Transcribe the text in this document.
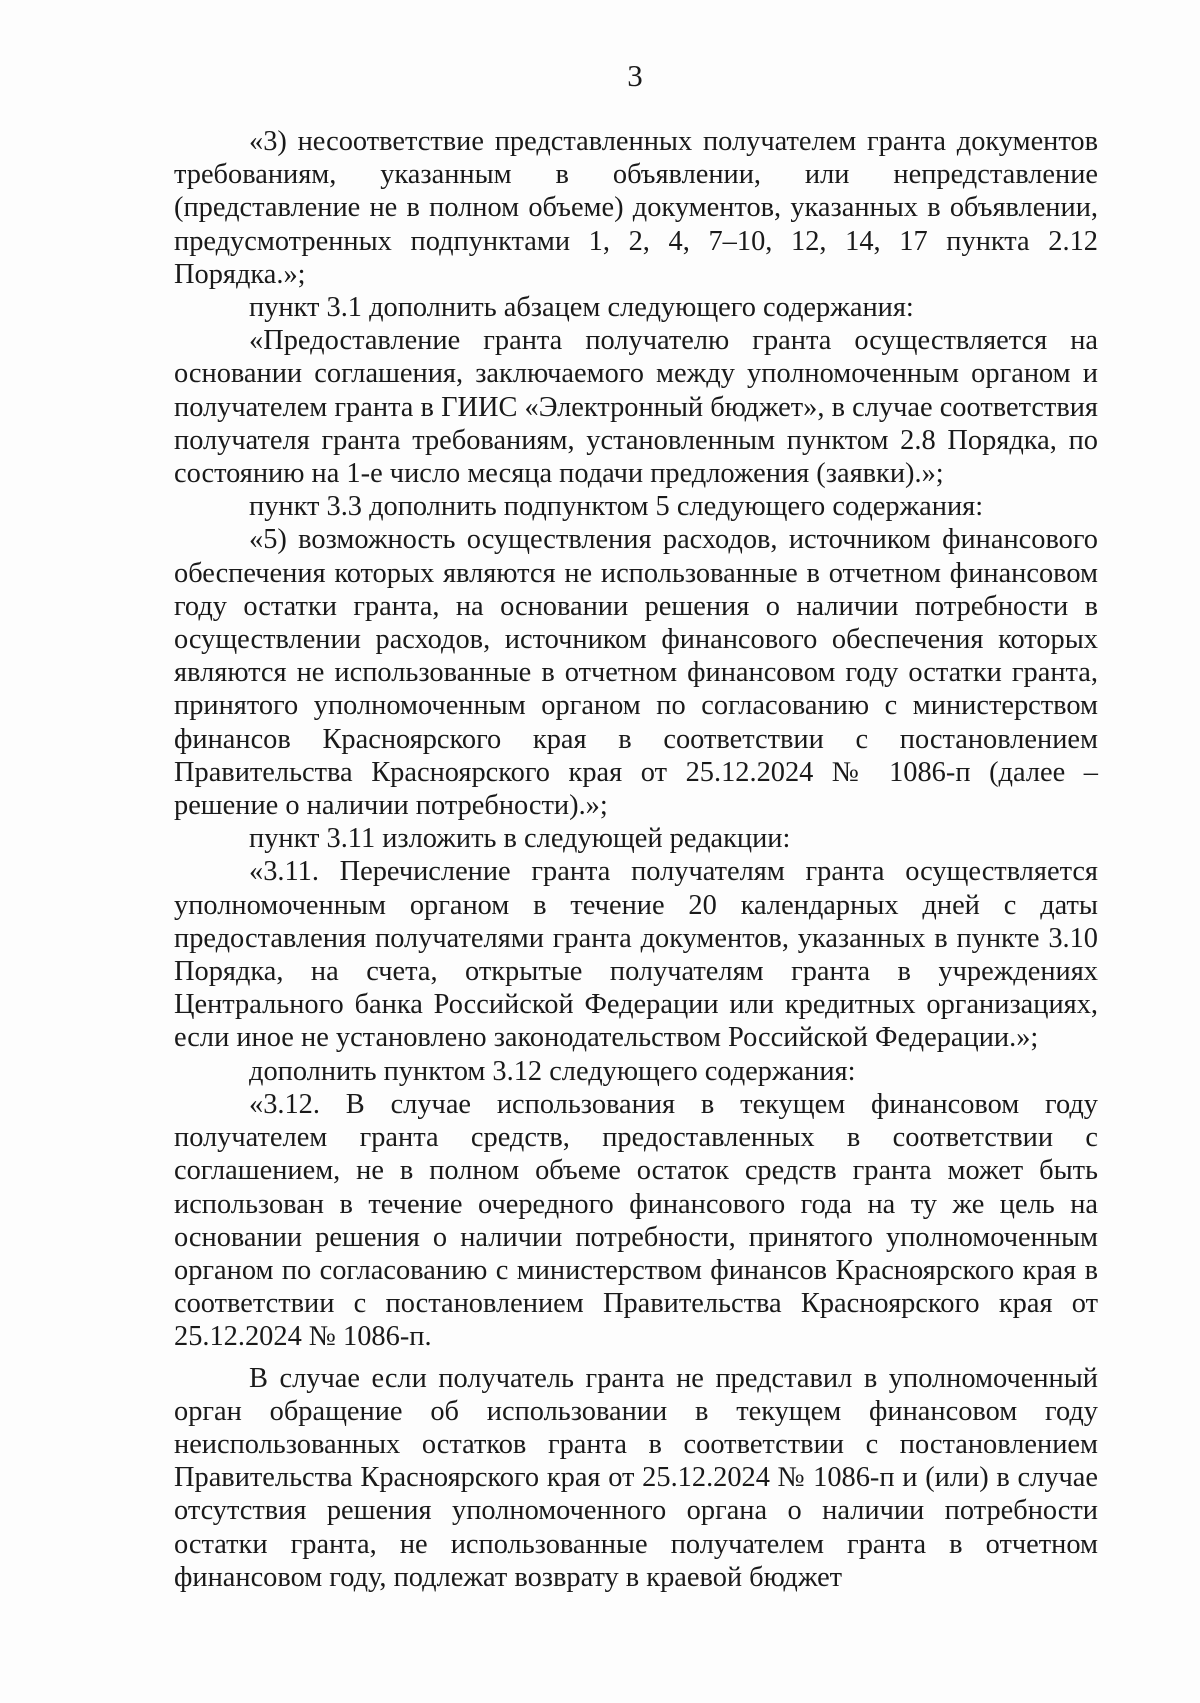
3

«3) несоответствие представленных получателем гранта документов требованиям, указанным в объявлении, или непредставление (представление не в полном объеме) документов, указанных в объявлении, предусмотренных подпунктами 1, 2, 4, 7–10, 12, 14, 17 пункта 2.12 Порядка.»;

пункт 3.1 дополнить абзацем следующего содержания:

«Предоставление гранта получателю гранта осуществляется на основании соглашения, заключаемого между уполномоченным органом и получателем гранта в ГИИС «Электронный бюджет», в случае соответствия получателя гранта требованиям, установленным пунктом 2.8 Порядка, по состоянию на 1-е число месяца подачи предложения (заявки).»;

пункт 3.3 дополнить подпунктом 5 следующего содержания:

«5) возможность осуществления расходов, источником финансового обеспечения которых являются не использованные в отчетном финансовом году остатки гранта, на основании решения о наличии потребности в осуществлении расходов, источником финансового обеспечения которых являются не использованные в отчетном финансовом году остатки гранта, принятого уполномоченным органом по согласованию с министерством финансов Красноярского края в соответствии с постановлением Правительства Красноярского края от 25.12.2024 № 1086-п (далее – решение о наличии потребности).»;

пункт 3.11 изложить в следующей редакции:

«3.11. Перечисление гранта получателям гранта осуществляется уполномоченным органом в течение 20 календарных дней с даты предоставления получателями гранта документов, указанных в пункте 3.10 Порядка, на счета, открытые получателям гранта в учреждениях Центрального банка Российской Федерации или кредитных организациях, если иное не установлено законодательством Российской Федерации.»;

дополнить пунктом 3.12 следующего содержания:

«3.12. В случае использования в текущем финансовом году получателем гранта средств, предоставленных в соответствии с соглашением, не в полном объеме остаток средств гранта может быть использован в течение очередного финансового года на ту же цель на основании решения о наличии потребности, принятого уполномоченным органом по согласованию с министерством финансов Красноярского края в соответствии с постановлением Правительства Красноярского края от 25.12.2024 № 1086-п.

В случае если получатель гранта не представил в уполномоченный орган обращение об использовании в текущем финансовом году неиспользованных остатков гранта в соответствии с постановлением Правительства Красноярского края от 25.12.2024 № 1086-п и (или) в случае отсутствия решения уполномоченного органа о наличии потребности остатки гранта, не использованные получателем гранта в отчетном финансовом году, подлежат возврату в краевой бюджет
